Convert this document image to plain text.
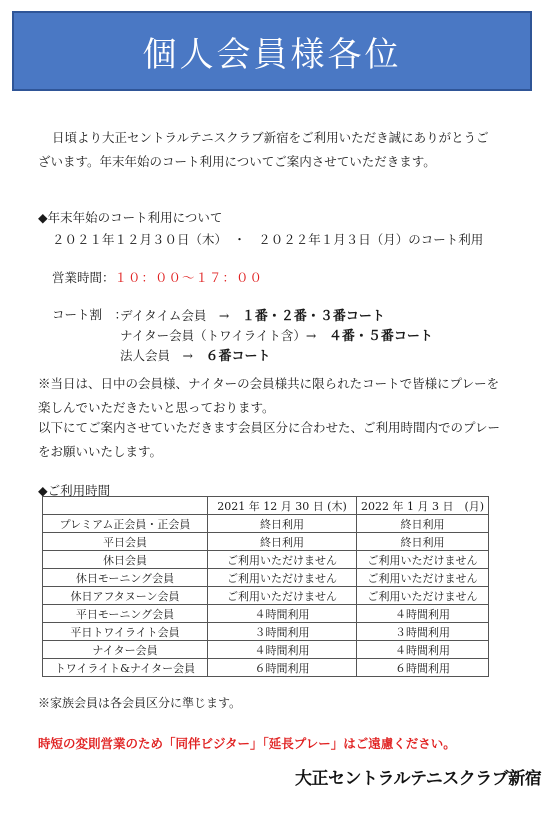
個人会員様各位
日頃より大正セントラルテニスクラブ新宿をご利用いただき誠にありがとうご
ざいます。年末年始のコート利用についてご案内させていただきます。
◆年末年始のコート利用について
２０２１年１２月３０日（木）　・　２０２２年１月３日（月）のコート利用
営業時間：１０：００〜１７：００
コート割　：
デイタイム会員　→　１番・２番・３番コート
ナイター会員（トワイライト含）→　４番・５番コート
法人会員　→　６番コート
※当日は、日中の会員様、ナイターの会員様共に限られたコートで皆様にプレーを
楽しんでいただきたいと思っております。
以下にてご案内させていただきます会員区分に合わせた、ご利用時間内でのプレー
をお願いいたします。
◆ご利用時間
	2021 年 12 月 30 日 (木)	2022 年 1 月 3 日　(月)
プレミアム正会員・正会員	終日利用	終日利用
平日会員	終日利用	終日利用
休日会員	ご利用いただけません	ご利用いただけません
休日モーニング会員	ご利用いただけません	ご利用いただけません
休日アフタヌーン会員	ご利用いただけません	ご利用いただけません
平日モーニング会員	４時間利用	４時間利用
平日トワイライト会員	３時間利用	３時間利用
ナイター会員	４時間利用	４時間利用
トワイライト&ナイター会員	６時間利用	６時間利用
※家族会員は各会員区分に準じます。
時短の変則営業のため「同伴ビジター」「延長プレー」はご遠慮ください。
大正セントラルテニスクラブ新宿
